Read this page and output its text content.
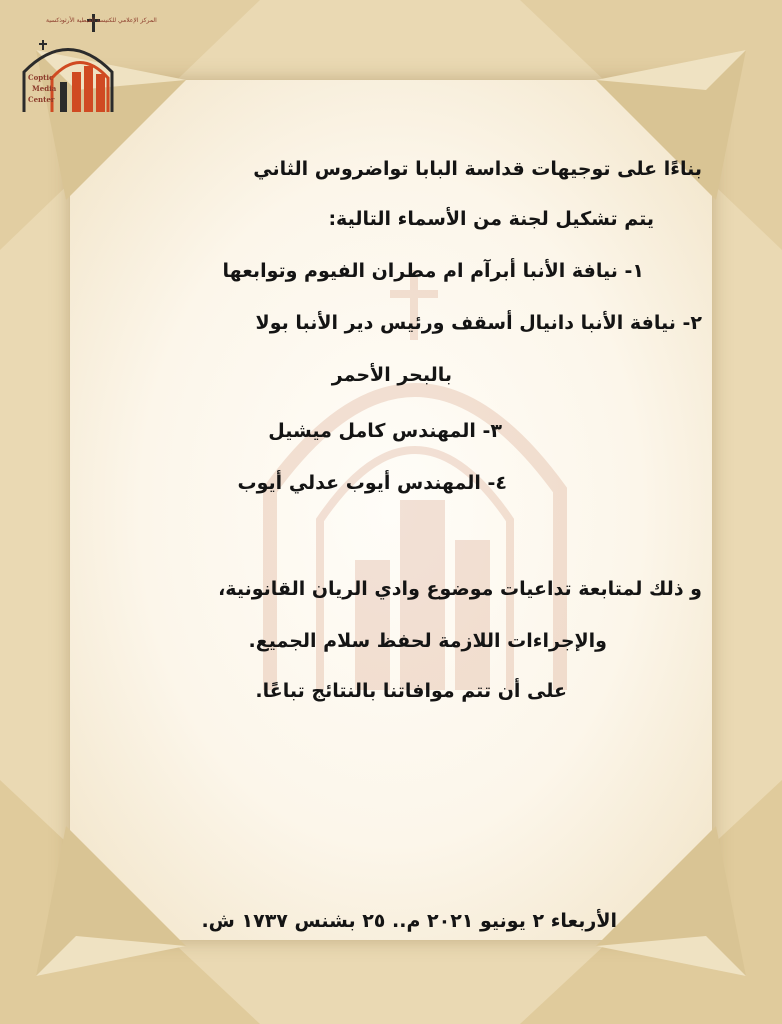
المركز الإعلامي للكنيسة القبطية الأرثوذكسية
Coptic
Media
Center
بناءًا على توجيهات قداسة البابا تواضروس الثاني
يتم تشكيل لجنة من الأسماء التالية:
١- نيافة الأنبا أبرآم ام مطران الفيوم وتوابعها
٢- نيافة الأنبا دانيال أسقف ورئيس دير الأنبا بولا
بالبحر الأحمر
٣- المهندس كامل ميشيل
٤- المهندس أيوب عدلي أيوب
و ذلك لمتابعة تداعيات موضوع وادي الريان القانونية،
والإجراءات اللازمة لحفظ سلام الجميع.
على أن تتم موافاتنا بالنتائج تباعًا.
الأربعاء ٢ يونيو ٢٠٢١ م.. ٢٥ بشنس ١٧٣٧ ش.
